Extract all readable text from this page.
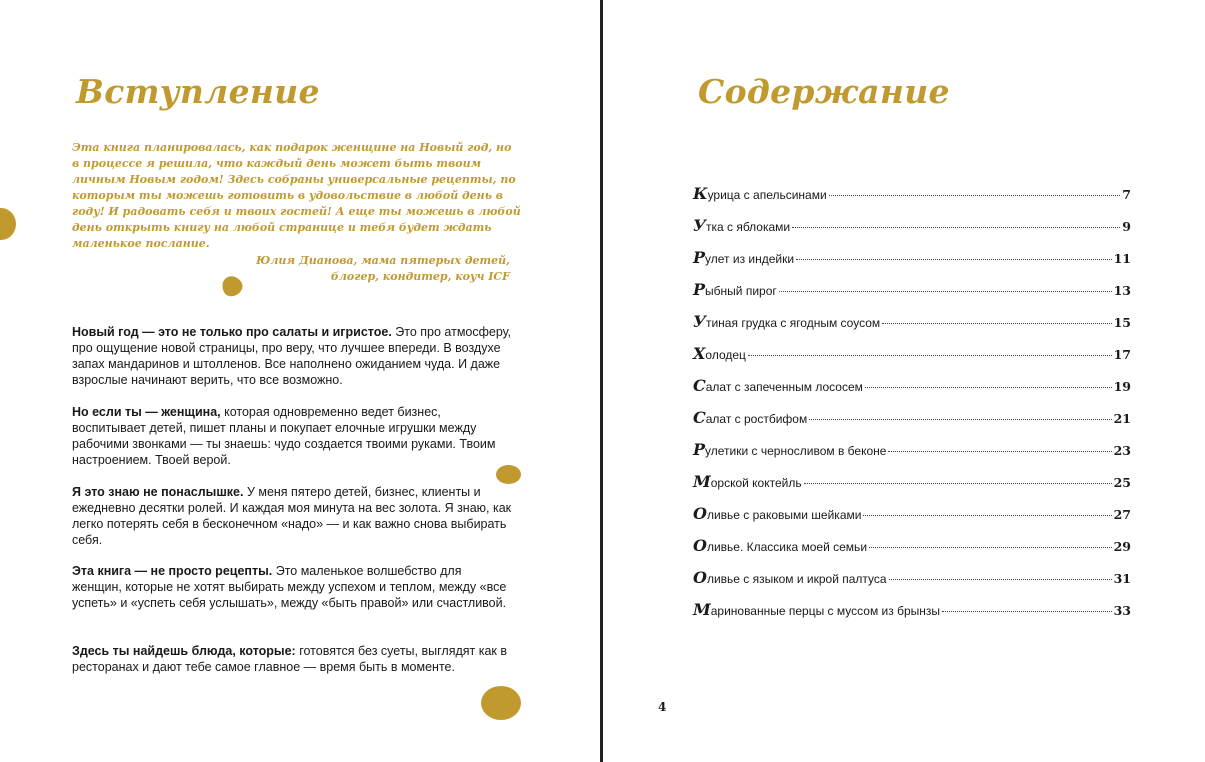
Вступление

Эта книга планировалась, как подарок женщине на Новый год, но в процессе я решила, что каждый день может быть твоим личным Новым годом! Здесь собраны универсальные рецепты, по которым ты можешь готовить в удовольствие в любой день в году! И радовать себя и твоих гостей! А еще ты можешь в любой день открыть книгу на любой странице и тебя будет ждать маленькое послание.

Юлия Дианова, мама пятерых детей,
блогер, кондитер, коуч ICF

Новый год — это не только про салаты и игристое. Это про атмосферу, про ощущение новой страницы, про веру, что лучшее впереди. В воздухе запах мандаринов и штолленов. Все наполнено ожиданием чуда. И даже взрослые начинают верить, что все возможно.

Но если ты — женщина, которая одновременно ведет бизнес, воспитывает детей, пишет планы и покупает елочные игрушки между рабочими звонками — ты знаешь: чудо создается твоими руками. Твоим настроением. Твоей верой.

Я это знаю не понаслышке. У меня пятеро детей, бизнес, клиенты и ежедневно десятки ролей. И каждая моя минута на вес золота. Я знаю, как легко потерять себя в бесконечном «надо» — и как важно снова выбирать себя.

Эта книга — не просто рецепты. Это маленькое волшебство для женщин, которые не хотят выбирать между успехом и теплом, между «все успеть» и «успеть себя услышать», между «быть правой» или счастливой.

Здесь ты найдешь блюда, которые: готовятся без суеты, выглядят как в ресторанах и дают тебе самое главное — время быть в моменте.

Содержание
Курица с апельсинами	7
Утка с яблоками	9
Рулет из индейки	11
Рыбный пирог	13
Утиная грудка с ягодным соусом	15
Холодец	17
Салат с запеченным лососем	19
Салат с ростбифом	21
Рулетики с черносливом в беконе	23
Морской коктейль	25
Оливье с раковыми шейками	27
Оливье. Классика моей семьи	29
Оливье с языком и икрой палтуса	31
Маринованные перцы с муссом из брынзы	33
4
